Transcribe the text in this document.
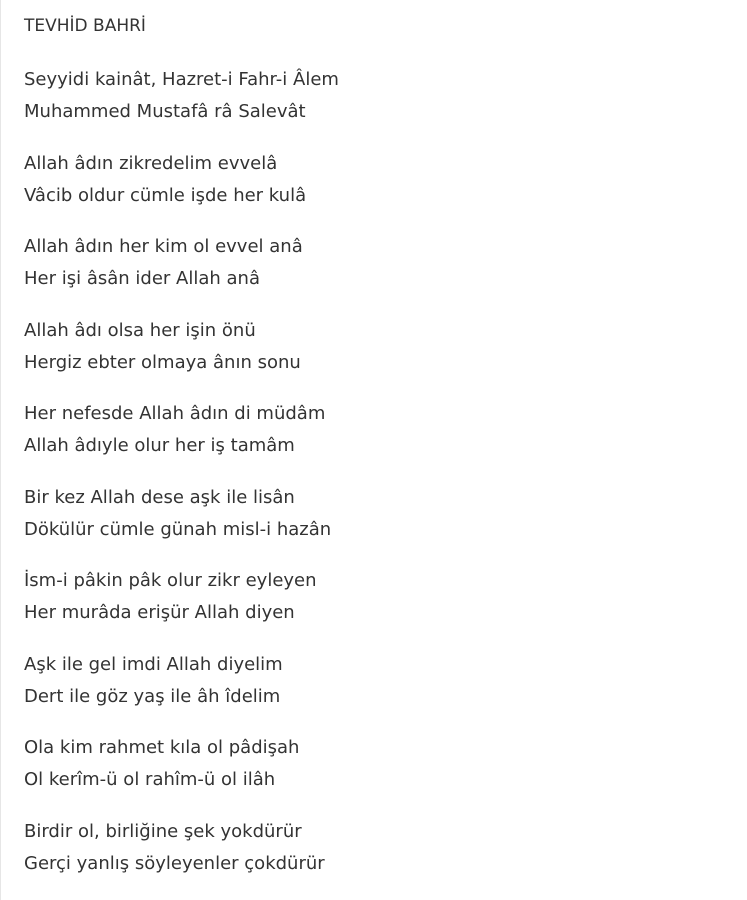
TEVHİD BAHRİ

Seyyidi kainât, Hazret-i Fahr-i Âlem
Muhammed Mustafâ râ Salevât

Allah âdın zikredelim evvelâ
Vâcib oldur cümle işde her kulâ

Allah âdın her kim ol evvel anâ
Her işi âsân ider Allah anâ

Allah âdı olsa her işin önü
Hergiz ebter olmaya ânın sonu

Her nefesde Allah âdın di müdâm
Allah âdıyle olur her iş tamâm

Bir kez Allah dese aşk ile lisân
Dökülür cümle günah misl-i hazân

İsm-i pâkin pâk olur zikr eyleyen
Her murâda erişür Allah diyen

Aşk ile gel imdi Allah diyelim
Dert ile göz yaş ile âh îdelim

Ola kim rahmet kıla ol pâdişah
Ol kerîm-ü ol rahîm-ü ol ilâh

Birdir ol, birliğine şek yokdürür
Gerçi yanlış söyleyenler çokdürür
